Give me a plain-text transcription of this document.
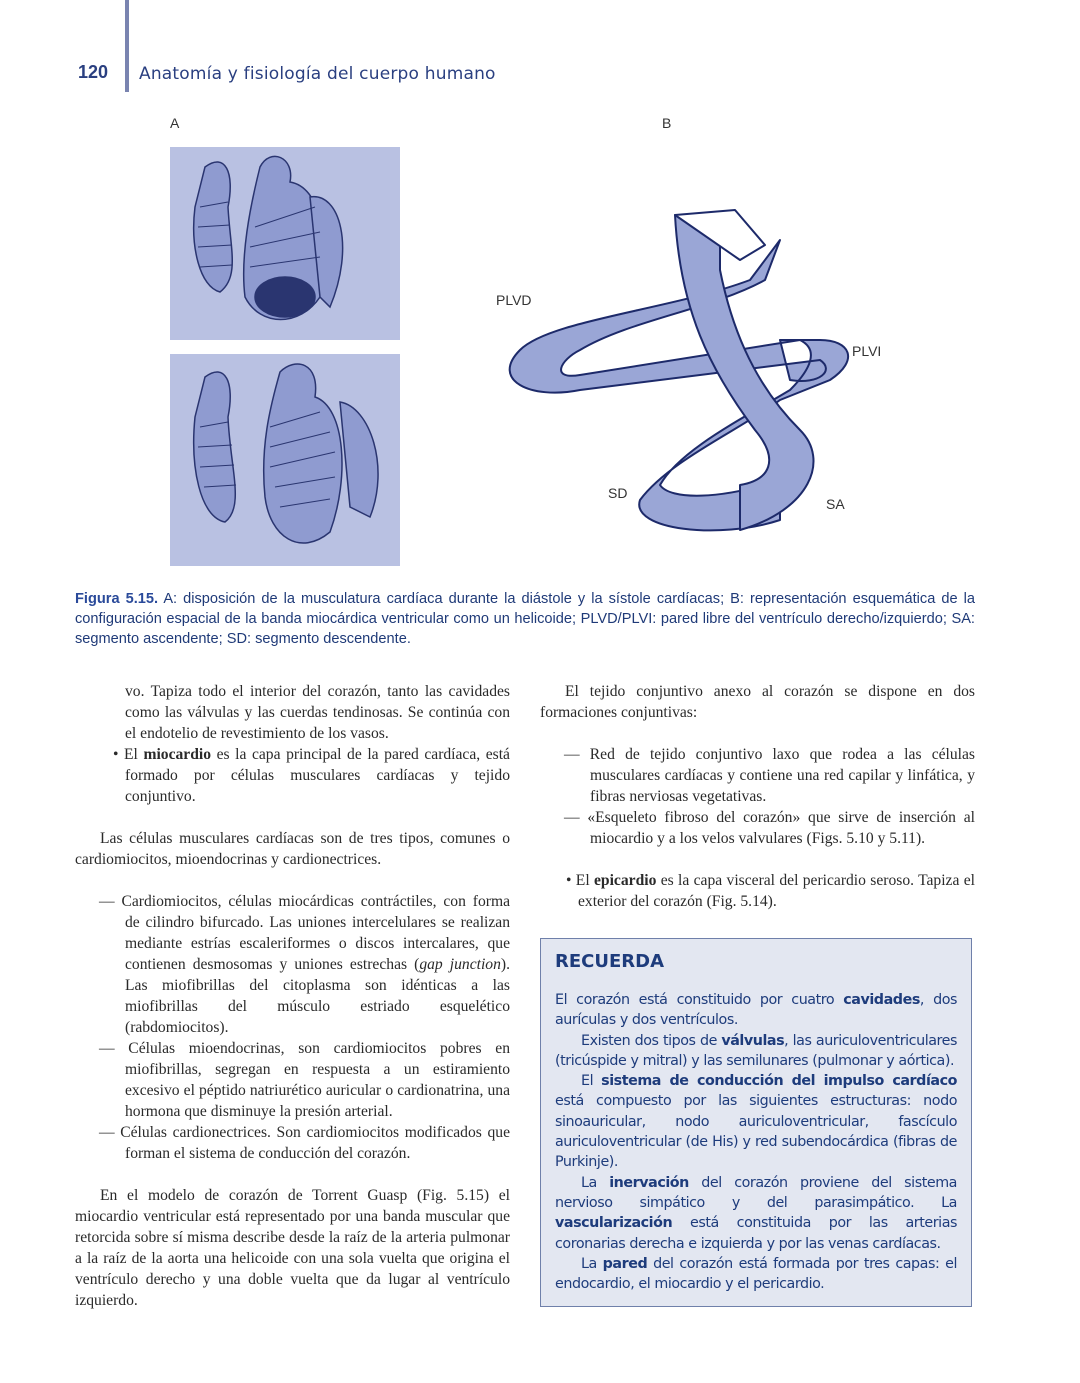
120 Anatomía y fisiología del cuerpo humano
A	B
PLVD
PLVI
SD
SA
Figura 5.15. A: disposición de la musculatura cardíaca durante la diástole y la sístole cardíacas; B: representación esquemática de la configuración espacial de la banda miocárdica ventricular como un helicoide; PLVD/PLVI: pared libre del ventrículo derecho/izquierdo; SA: segmento ascendente; SD: segmento descendente.

vo. Tapiza todo el interior del corazón, tanto las cavidades como las válvulas y las cuerdas tendinosas. Se continúa con el endotelio de revestimiento de los vasos.

• El miocardio es la capa principal de la pared cardíaca, está formado por células musculares cardíacas y tejido conjuntivo.

Las células musculares cardíacas son de tres tipos, comunes o cardiomiocitos, mioendocrinas y cardionectrices.

— Cardiomiocitos, células miocárdicas contráctiles, con forma de cilindro bifurcado. Las uniones intercelulares se realizan mediante estrías escaleriformes o discos intercalares, que contienen desmosomas y uniones estrechas (gap junction). Las miofibrillas del citoplasma son idénticas a las miofibrillas del músculo estriado esquelético (rabdomiocitos).

— Células mioendocrinas, son cardiomiocitos pobres en miofibrillas, segregan en respuesta a un estiramiento excesivo el péptido natriurético auricular o cardionatrina, una hormona que disminuye la presión arterial.

— Células cardionectrices. Son cardiomiocitos modificados que forman el sistema de conducción del corazón.

En el modelo de corazón de Torrent Guasp (Fig. 5.15) el miocardio ventricular está representado por una banda muscular que retorcida sobre sí misma describe desde la raíz de la arteria pulmonar a la raíz de la aorta una helicoide con una sola vuelta que origina el ventrículo derecho y una doble vuelta que da lugar al ventrículo izquierdo.

El tejido conjuntivo anexo al corazón se dispone en dos formaciones conjuntivas:

— Red de tejido conjuntivo laxo que rodea a las células musculares cardíacas y contiene una red capilar y linfática, y fibras nerviosas vegetativas.

— «Esqueleto fibroso del corazón» que sirve de inserción al miocardio y a los velos valvulares (Figs. 5.10 y 5.11).

• El epicardio es la capa visceral del pericardio seroso. Tapiza el exterior del corazón (Fig. 5.14).

RECUERDA

El corazón está constituido por cuatro cavidades, dos aurículas y dos ventrículos.

Existen dos tipos de válvulas, las auriculoventriculares (tricúspide y mitral) y las semilunares (pulmonar y aórtica).

El sistema de conducción del impulso cardíaco está compuesto por las siguientes estructuras: nodo sinoauricular, nodo auriculoventricular, fascículo auriculoventricular (de His) y red subendocárdica (fibras de Purkinje).

La inervación del corazón proviene del sistema nervioso simpático y del parasimpático. La vascularización está constituida por las arterias coronarias derecha e izquierda y por las venas cardíacas.

La pared del corazón está formada por tres capas: el endocardio, el miocardio y el pericardio.
